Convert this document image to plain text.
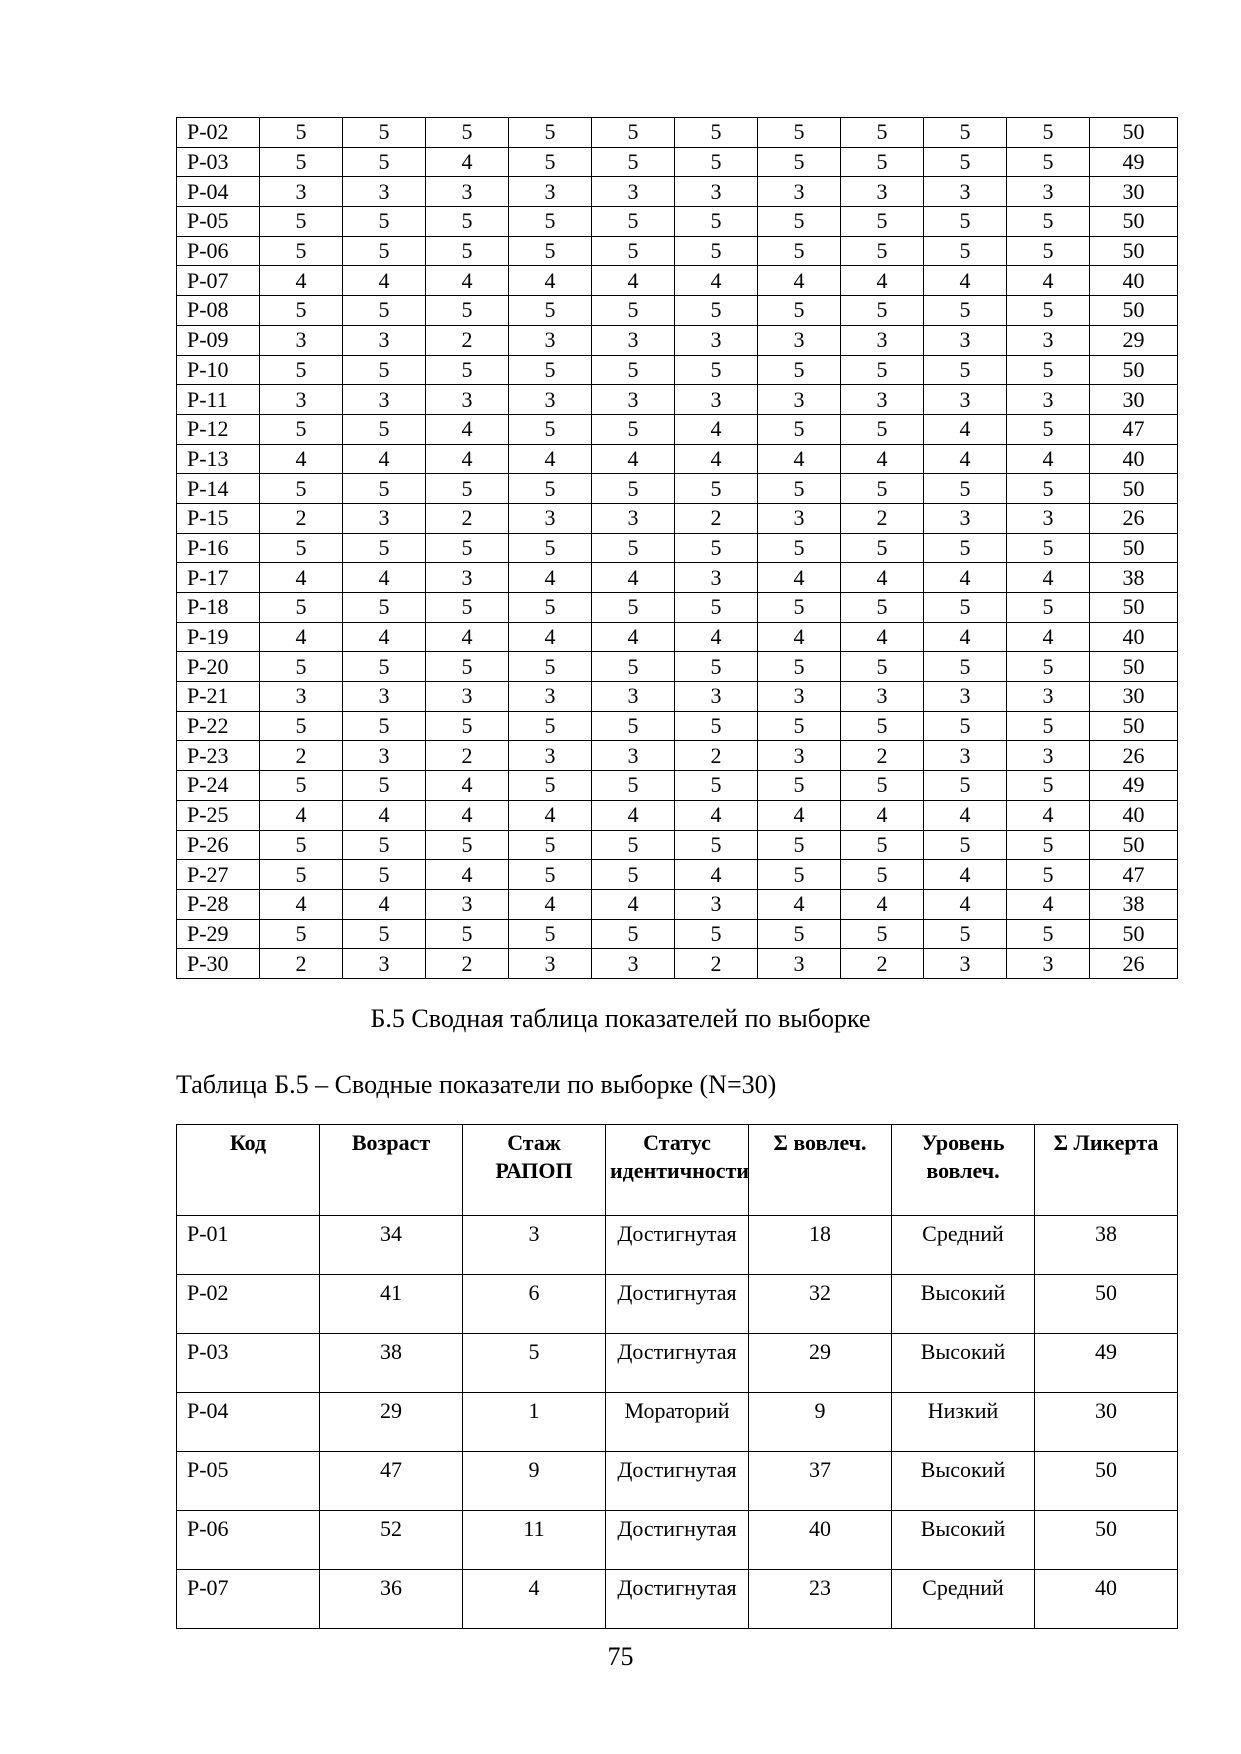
Р-02	5	5	5	5	5	5	5	5	5	5	50
Р-03	5	5	4	5	5	5	5	5	5	5	49
Р-04	3	3	3	3	3	3	3	3	3	3	30
Р-05	5	5	5	5	5	5	5	5	5	5	50
Р-06	5	5	5	5	5	5	5	5	5	5	50
Р-07	4	4	4	4	4	4	4	4	4	4	40
Р-08	5	5	5	5	5	5	5	5	5	5	50
Р-09	3	3	2	3	3	3	3	3	3	3	29
Р-10	5	5	5	5	5	5	5	5	5	5	50
Р-11	3	3	3	3	3	3	3	3	3	3	30
Р-12	5	5	4	5	5	4	5	5	4	5	47
Р-13	4	4	4	4	4	4	4	4	4	4	40
Р-14	5	5	5	5	5	5	5	5	5	5	50
Р-15	2	3	2	3	3	2	3	2	3	3	26
Р-16	5	5	5	5	5	5	5	5	5	5	50
Р-17	4	4	3	4	4	3	4	4	4	4	38
Р-18	5	5	5	5	5	5	5	5	5	5	50
Р-19	4	4	4	4	4	4	4	4	4	4	40
Р-20	5	5	5	5	5	5	5	5	5	5	50
Р-21	3	3	3	3	3	3	3	3	3	3	30
Р-22	5	5	5	5	5	5	5	5	5	5	50
Р-23	2	3	2	3	3	2	3	2	3	3	26
Р-24	5	5	4	5	5	5	5	5	5	5	49
Р-25	4	4	4	4	4	4	4	4	4	4	40
Р-26	5	5	5	5	5	5	5	5	5	5	50
Р-27	5	5	4	5	5	4	5	5	4	5	47
Р-28	4	4	3	4	4	3	4	4	4	4	38
Р-29	5	5	5	5	5	5	5	5	5	5	50
Р-30	2	3	2	3	3	2	3	2	3	3	26
Б.5 Сводная таблица показателей по выборке

Таблица Б.5 – Сводные показатели по выборке (N=30)

Код	Возраст	Стаж РАПОП	Статус идентичности	Σ вовлеч.	Уровень вовлеч.	Σ Ликерта
Р-01	34	3	Достигнутая	18	Средний	38
Р-02	41	6	Достигнутая	32	Высокий	50
Р-03	38	5	Достигнутая	29	Высокий	49
Р-04	29	1	Мораторий	9	Низкий	30
Р-05	47	9	Достигнутая	37	Высокий	50
Р-06	52	11	Достигнутая	40	Высокий	50
Р-07	36	4	Достигнутая	23	Средний	40
75
